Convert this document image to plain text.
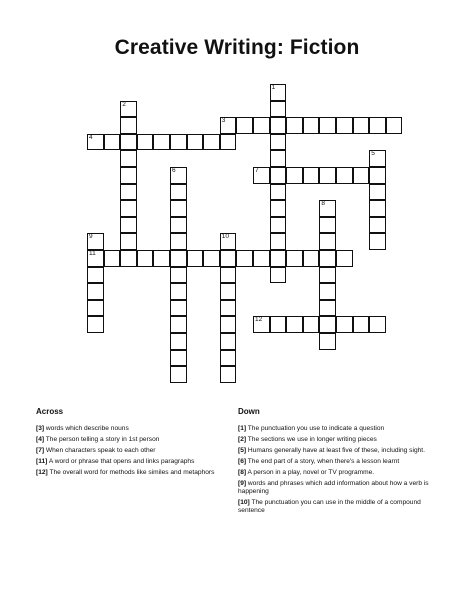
Creative Writing: Fiction
1
2
3
4
5
6	7
8
9
11
10
12
Across	Down
[3] words which describe nouns
[4] The person telling a story in 1st person
[7] When characters speak to each other
[11] A word or phrase that opens and links paragraphs
[12] The overall word for methods like similes and metaphors
[1] The punctuation you use to indicate a question
[2] The sections we use in longer writing pieces
[5] Humans generally have at least five of these, including sight.
[6] The end part of a story, when there's a lesson learnt
[8] A person in a play, novel or TV programme.
[9] words and phrases which add information about how a verb is happening
[10] The punctuation you can use in the middle of a compound sentence
